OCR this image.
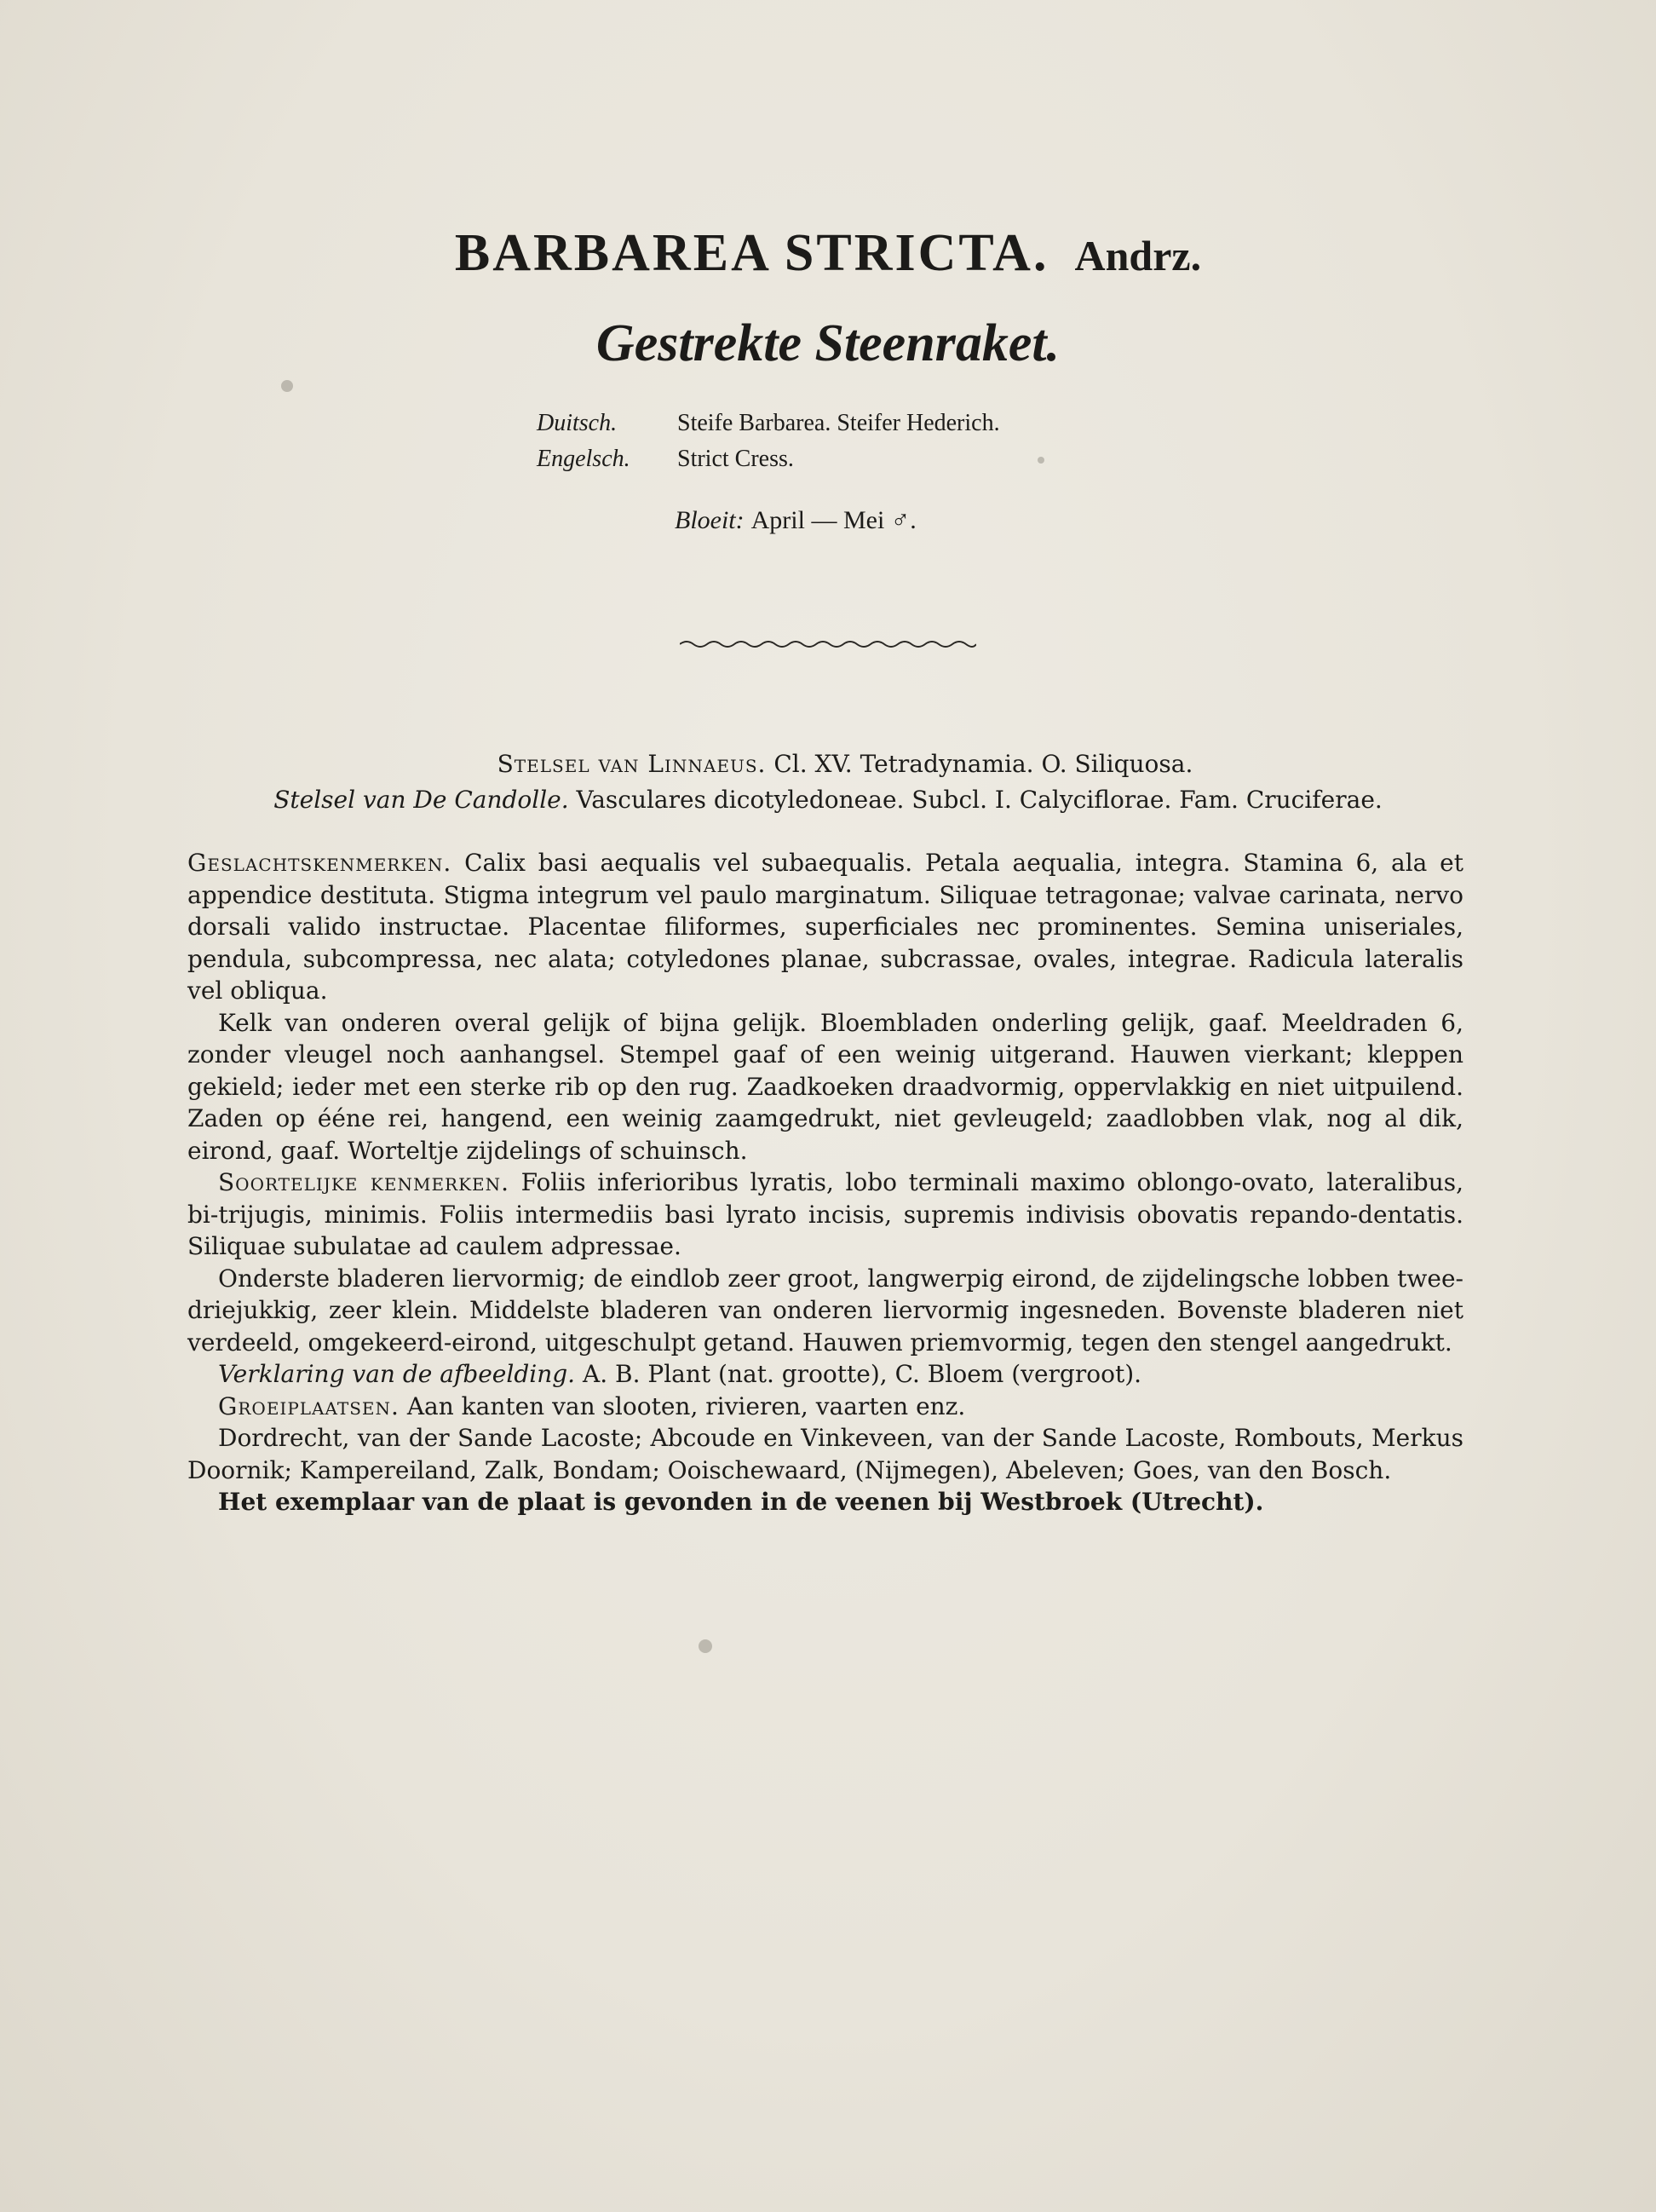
BARBAREA STRICTA. Andrz.
Gestrekte Steenraket.
Duitsch.	Steife Barbarea. Steifer Hederich.
Engelsch. Strict Cress.
Bloeit: April — Mei ♂.
Stelsel van Linnaeus. Cl. XV. Tetradynamia. O. Siliquosa.
Stelsel van De Candolle. Vasculares dicotyledoneae. Subcl. I. Calyciflorae. Fam. Cruciferae.

Geslachtskenmerken. Calix basi aequalis vel subaequalis. Petala aequalia, integra. Stamina 6, ala et appendice destituta. Stigma integrum vel paulo marginatum. Siliquae tetragonae; valvae carinata, nervo dorsali valido instructae. Placentae filiformes, superficiales nec prominentes. Semina uniseriales, pendula, subcompressa, nec alata; cotyledones planae, subcrassae, ovales, integrae. Radicula lateralis vel obliqua.

Kelk van onderen overal gelijk of bijna gelijk. Bloembladen onderling gelijk, gaaf. Meeldraden 6, zonder vleugel noch aanhangsel. Stempel gaaf of een weinig uitgerand. Hauwen vierkant; kleppen gekield; ieder met een sterke rib op den rug. Zaadkoeken draadvormig, oppervlakkig en niet uitpuilend. Zaden op ééne rei, hangend, een weinig zaamgedrukt, niet gevleugeld; zaadlobben vlak, nog al dik, eirond, gaaf. Worteltje zijdelings of schuinsch.

Soortelijke kenmerken. Foliis inferioribus lyratis, lobo terminali maximo oblongo-ovato, lateralibus, bi-trijugis, minimis. Foliis intermediis basi lyrato incisis, supremis indivisis obovatis repando-dentatis. Siliquae subulatae ad caulem adpressae.

Onderste bladeren liervormig; de eindlob zeer groot, langwerpig eirond, de zijdelingsche lobben twee-driejukkig, zeer klein. Middelste bladeren van onderen liervormig ingesneden. Bovenste bladeren niet verdeeld, omgekeerd-eirond, uitgeschulpt getand. Hauwen priemvormig, tegen den stengel aangedrukt.

Verklaring van de afbeelding. A. B. Plant (nat. grootte), C. Bloem (vergroot).

Groeiplaatsen. Aan kanten van slooten, rivieren, vaarten enz.

Dordrecht, van der Sande Lacoste; Abcoude en Vinkeveen, van der Sande Lacoste, Rombouts, Merkus Doornik; Kampereiland, Zalk, Bondam; Ooischewaard, (Nijmegen), Abeleven; Goes, van den Bosch.

Het exemplaar van de plaat is gevonden in de veenen bij Westbroek (Utrecht).
